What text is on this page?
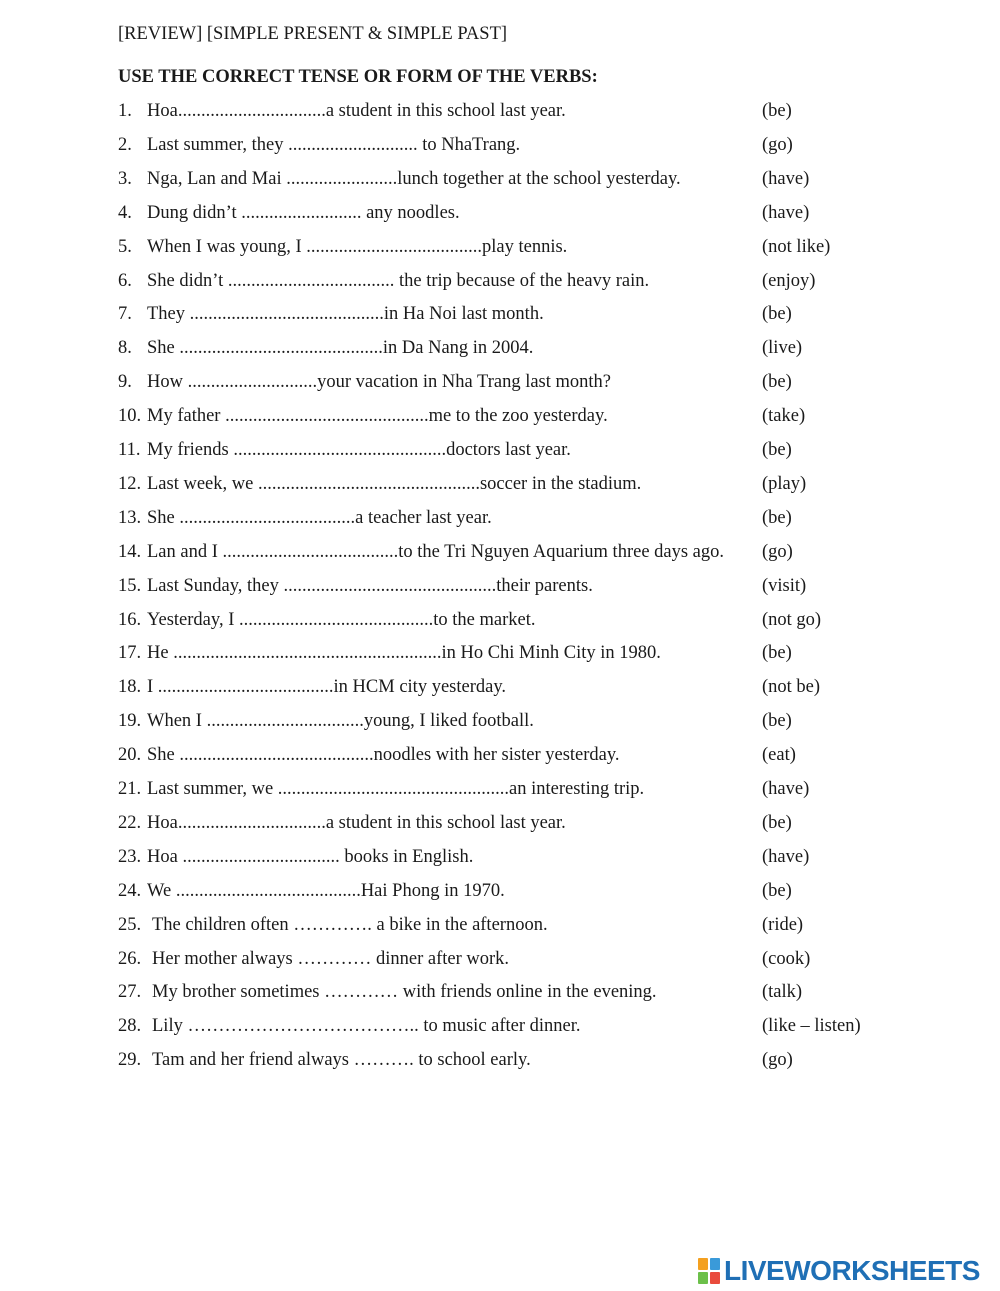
[REVIEW] [SIMPLE PRESENT & SIMPLE PAST]
USE THE CORRECT TENSE OR FORM OF THE VERBS:
1. Hoa................................a student in this school last year.	(be)
2. Last summer, they ............................ to NhaTrang.	(go)
3. Nga, Lan and Mai ........................lunch together at the school yesterday.	(have)
4. Dung didn’t .......................... any noodles.	(have)
5. When I was young, I ......................................play tennis.	(not like)
6. She didn’t .................................... the trip because of the heavy rain.	(enjoy)
7. They ..........................................in Ha Noi last month.	(be)
8. She ............................................in Da Nang in 2004.	(live)
9. How ............................your vacation in Nha Trang last month?	(be)
10. My father ............................................me to the zoo yesterday.	(take)
11. My friends ..............................................doctors last year.	(be)
12. Last week, we ................................................soccer in the stadium.	(play)
13. She ......................................a teacher last year.	(be)
14. Lan and I ......................................to the Tri Nguyen Aquarium three days ago. (go)
15. Last Sunday, they ..............................................their parents.	(visit)
16. Yesterday, I ..........................................to the market.	(not go)
17. He ..........................................................in Ho Chi Minh City in 1980.	(be)
18. I ......................................in HCM city yesterday.	(not be)
19. When I ..................................young, I liked football.	(be)
20. She ..........................................noodles with her sister yesterday.	(eat)
21. Last summer, we ..................................................an interesting trip.	(have)
22. Hoa................................a student in this school last year.	(be)
23. Hoa .................................. books in English.	(have)
24. We ........................................Hai Phong in 1970.	(be)
25. The children often …………. a bike in the afternoon.	(ride)
26. Her mother always ………… dinner after work.	(cook)
27. My brother sometimes ………… with friends online in the evening.	(talk)
28. Lily ……………………………….. to music after dinner.	(like – listen)
29. Tam and her friend always ………. to school early.	(go)
LIVEWORKSHEETS
